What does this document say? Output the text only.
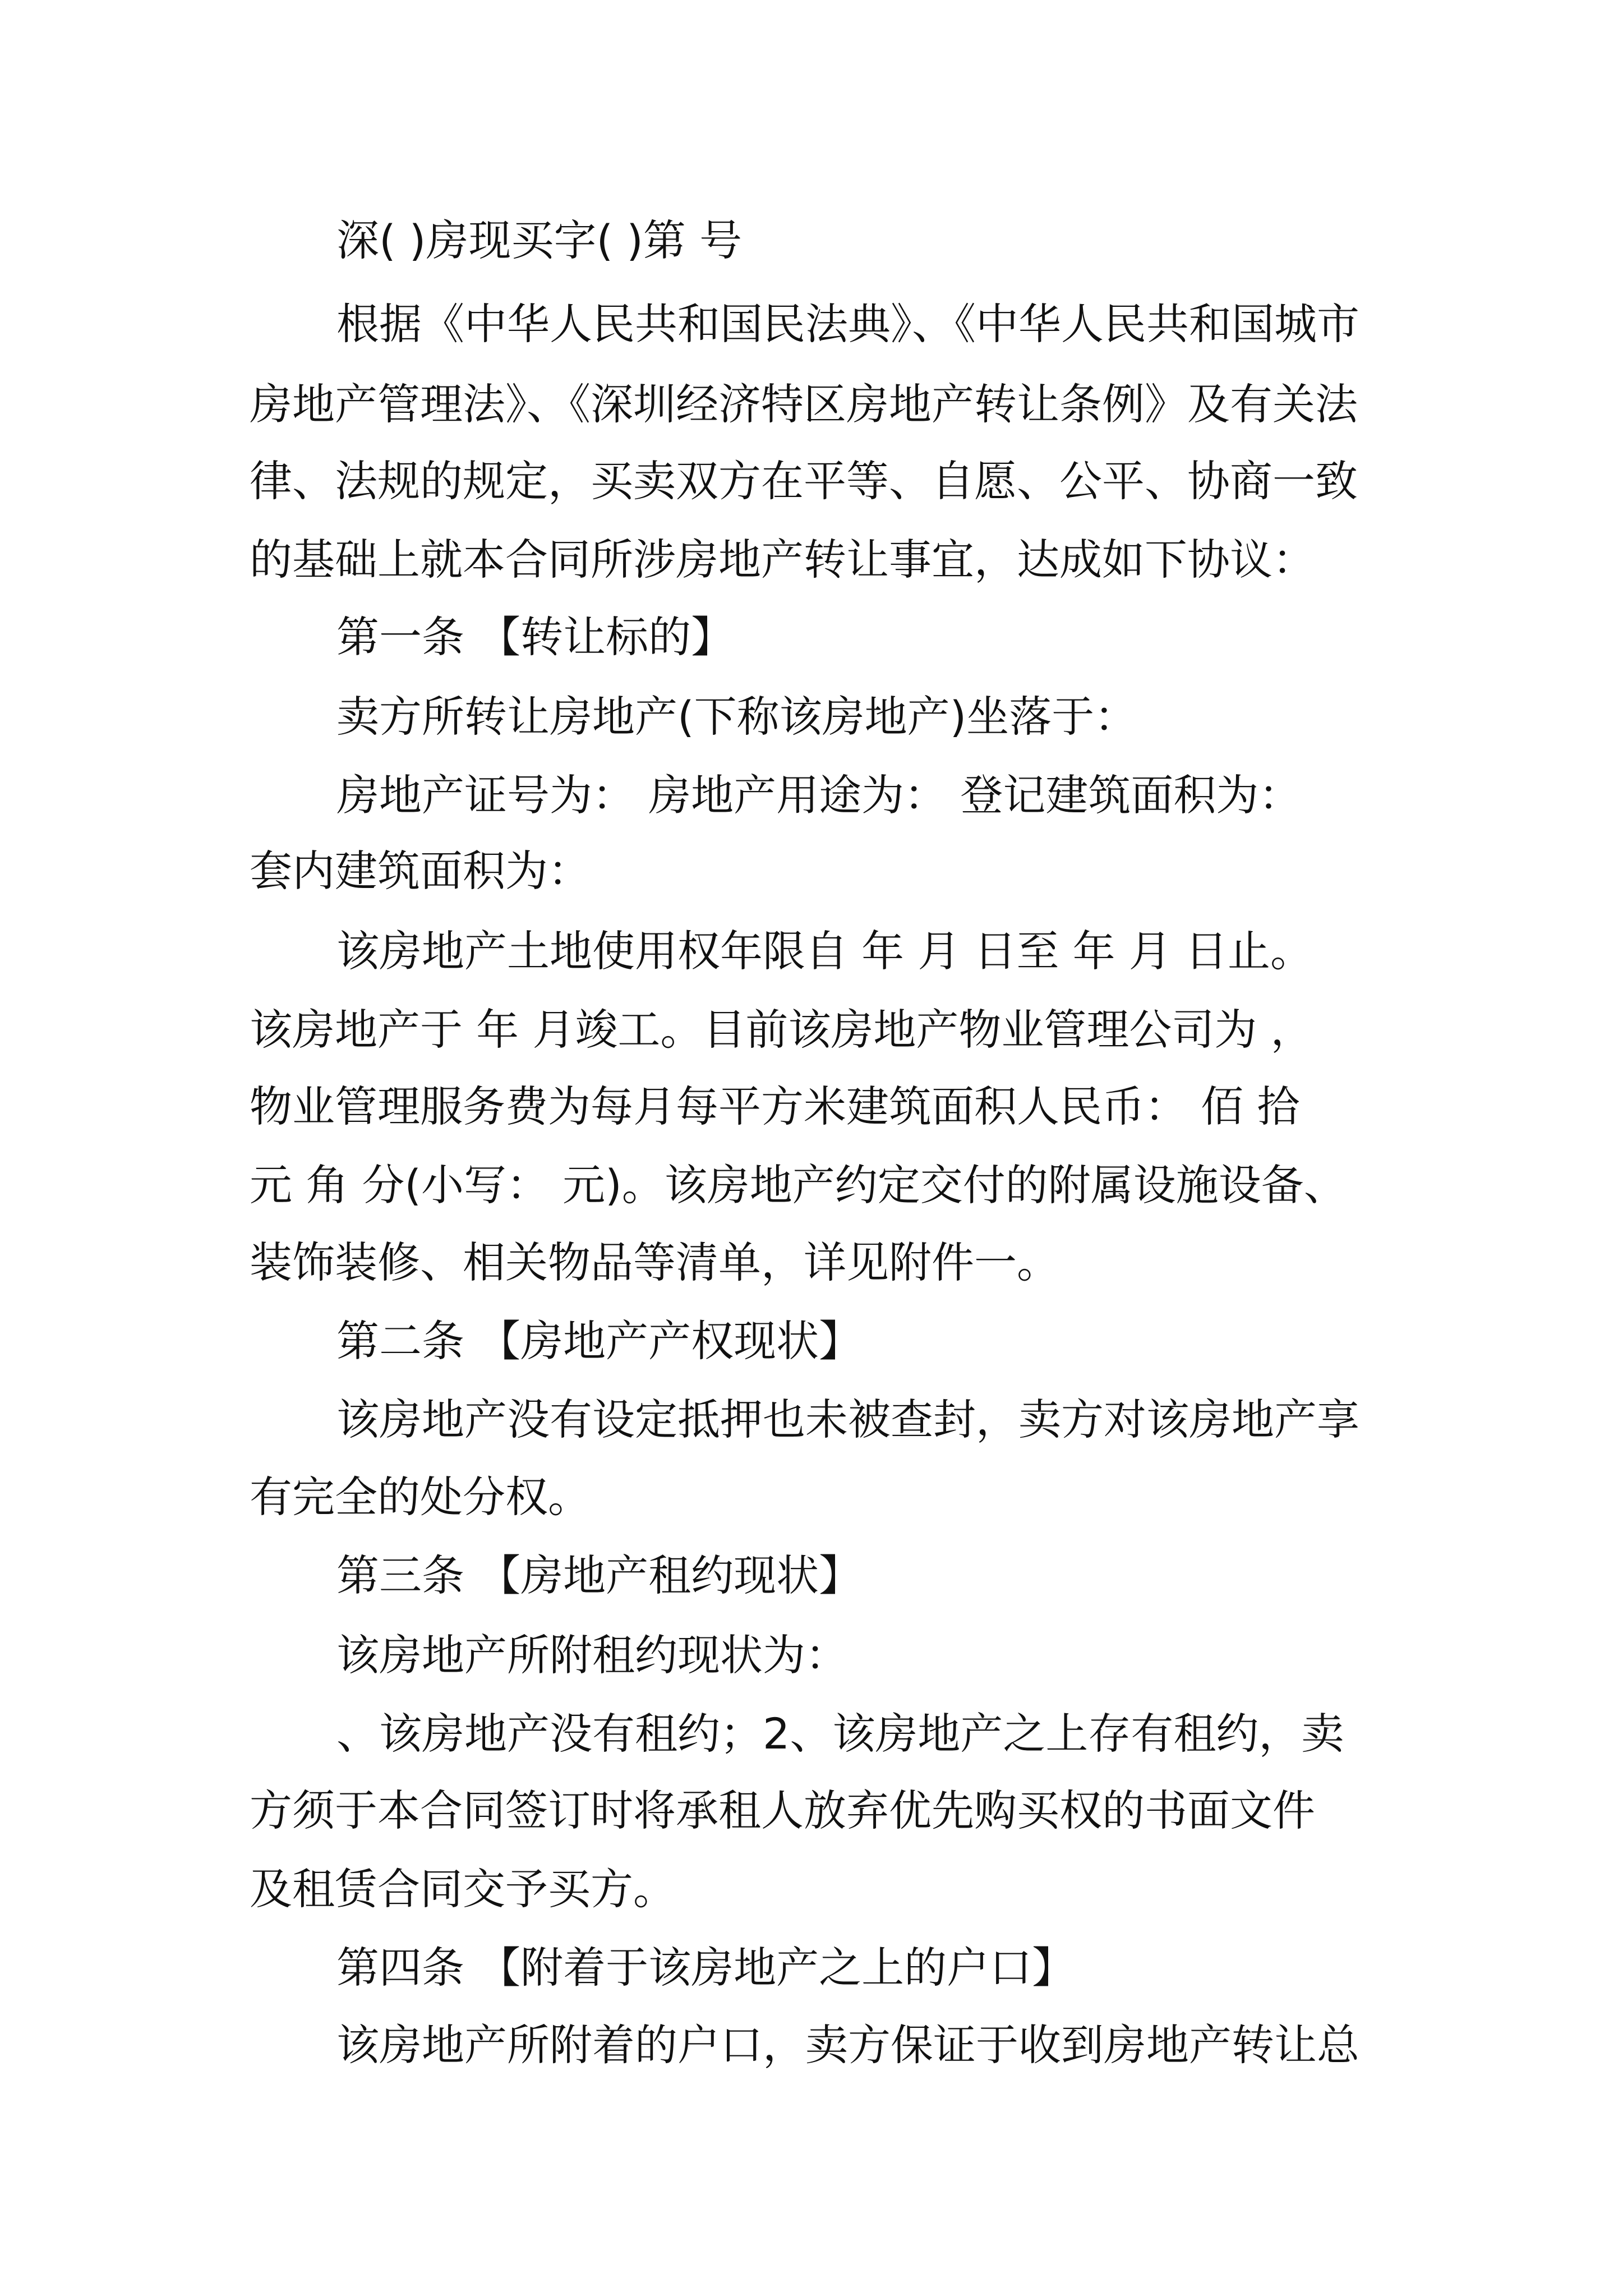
深( )房现买字( )第 号
根据《中华人民共和国民法典》、《中华人民共和国城市
房地产管理法》、《深圳经济特区房地产转让条例》及有关法
律、法规的规定，买卖双方在平等、自愿、公平、协商一致
的基础上就本合同所涉房地产转让事宜，达成如下协议：
第一条 【转让标的】
卖方所转让房地产(下称该房地产)坐落于：
房地产证号为： 房地产用途为： 登记建筑面积为：
套内建筑面积为：
该房地产土地使用权年限自 年 月 日至 年 月 日止。
该房地产于 年 月竣工。目前该房地产物业管理公司为 ，
物业管理服务费为每月每平方米建筑面积人民币： 佰 拾
元 角 分(小写： 元)。该房地产约定交付的附属设施设备、
装饰装修、相关物品等清单，详见附件一。
第二条 【房地产产权现状】
该房地产没有设定抵押也未被查封，卖方对该房地产享
有完全的处分权。
第三条 【房地产租约现状】
该房地产所附租约现状为：
、该房地产没有租约；2、该房地产之上存有租约，卖
方须于本合同签订时将承租人放弃优先购买权的书面文件
及租赁合同交予买方。
第四条 【附着于该房地产之上的户口】
该房地产所附着的户口，卖方保证于收到房地产转让总
